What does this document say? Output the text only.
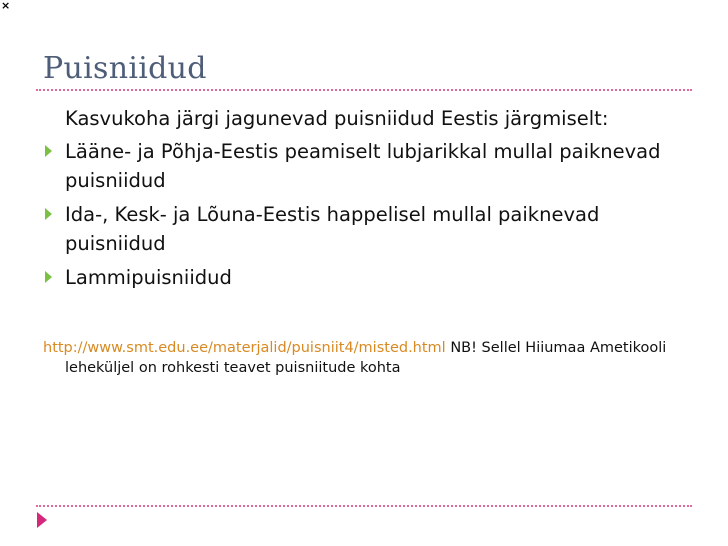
×
Puisniidud

Kasvukoha järgi jagunevad puisniidud Eestis järgmiselt:

Lääne- ja Põhja-Eestis peamiselt lubjarikkal mullal paiknevad puisniidud
Ida-, Kesk- ja Lõuna-Eestis happelisel mullal paiknevad puisniidud
Lammipuisniidud
http://www.smt.edu.ee/materjalid/puisniit4/misted.html NB! Sellel Hiiumaa Ametikooli
leheküljel on rohkesti teavet puisniitude kohta
